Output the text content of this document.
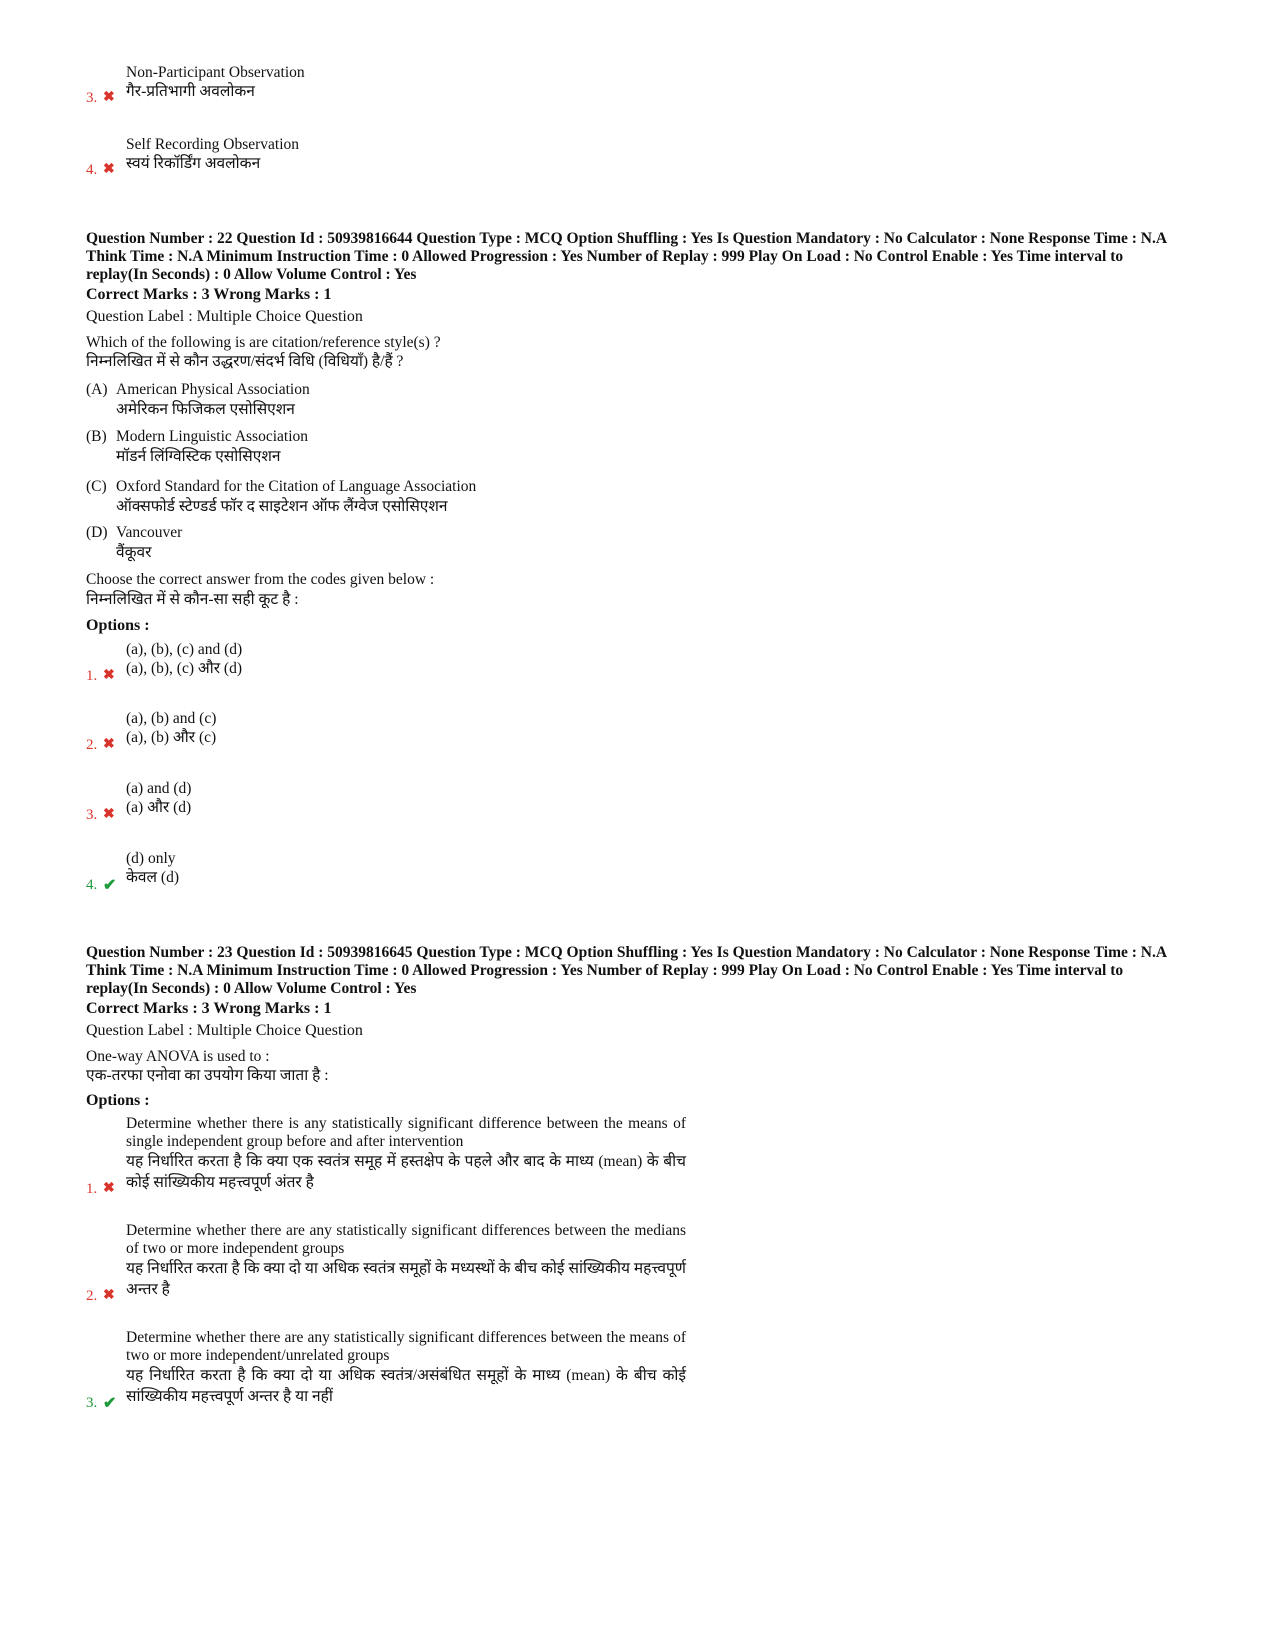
Non-Participant Observation
गैर-प्रतिभागी अवलोकन
3. ✖
Self Recording Observation
स्वयं रिकॉर्डिंग अवलोकन
4. ✖
Question Number : 22 Question Id : 50939816644 Question Type : MCQ Option Shuffling : Yes Is Question Mandatory : No Calculator : None Response Time : N.A Think Time : N.A Minimum Instruction Time : 0 Allowed Progression : Yes Number of Replay : 999 Play On Load : No Control Enable : Yes Time interval to replay(In Seconds) : 0 Allow Volume Control : Yes
Correct Marks : 3 Wrong Marks : 1
Question Label : Multiple Choice Question
Which of the following is are citation/reference style(s) ?
निम्नलिखित में से कौन उद्धरण/संदर्भ विधि (विधियाँ) है/हैं ?
(A) American Physical Association
अमेरिकन फिजिकल एसोसिएशन
(B) Modern Linguistic Association
मॉडर्न लिंग्विस्टिक एसोसिएशन
(C) Oxford Standard for the Citation of Language Association
ऑक्सफोर्ड स्टेण्डर्ड फॉर द साइटेशन ऑफ लैंग्वेज एसोसिएशन
(D) Vancouver
वैंकूवर
Choose the correct answer from the codes given below :
निम्नलिखित में से कौन-सा सही कूट है :
Options :
(a), (b), (c) and (d)
(a), (b), (c) और (d)
1. ✖
(a), (b) and (c)
(a), (b) और (c)
2. ✖
(a) and (d)
(a) और (d)
3. ✖
(d) only
केवल (d)
4. ✔
Question Number : 23 Question Id : 50939816645 Question Type : MCQ Option Shuffling : Yes Is Question Mandatory : No Calculator : None Response Time : N.A Think Time : N.A Minimum Instruction Time : 0 Allowed Progression : Yes Number of Replay : 999 Play On Load : No Control Enable : Yes Time interval to replay(In Seconds) : 0 Allow Volume Control : Yes
Correct Marks : 3 Wrong Marks : 1
Question Label : Multiple Choice Question
One-way ANOVA is used to :
एक-तरफा एनोवा का उपयोग किया जाता है :
Options :
Determine whether there is any statistically significant difference between the means of single independent group before and after intervention
यह निर्धारित करता है कि क्या एक स्वतंत्र समूह में हस्तक्षेप के पहले और बाद के माध्य (mean) के बीच कोई सांख्यिकीय महत्त्वपूर्ण अंतर है
1. ✖
Determine whether there are any statistically significant differences between the medians of two or more independent groups
यह निर्धारित करता है कि क्या दो या अधिक स्वतंत्र समूहों के मध्यस्थों के बीच कोई सांख्यिकीय महत्त्वपूर्ण अन्तर है
2. ✖
Determine whether there are any statistically significant differences between the means of two or more independent/unrelated groups
यह निर्धारित करता है कि क्या दो या अधिक स्वतंत्र/असंबंधित समूहों के माध्य (mean) के बीच कोई सांख्यिकीय महत्त्वपूर्ण अन्तर है या नहीं
3. ✔
